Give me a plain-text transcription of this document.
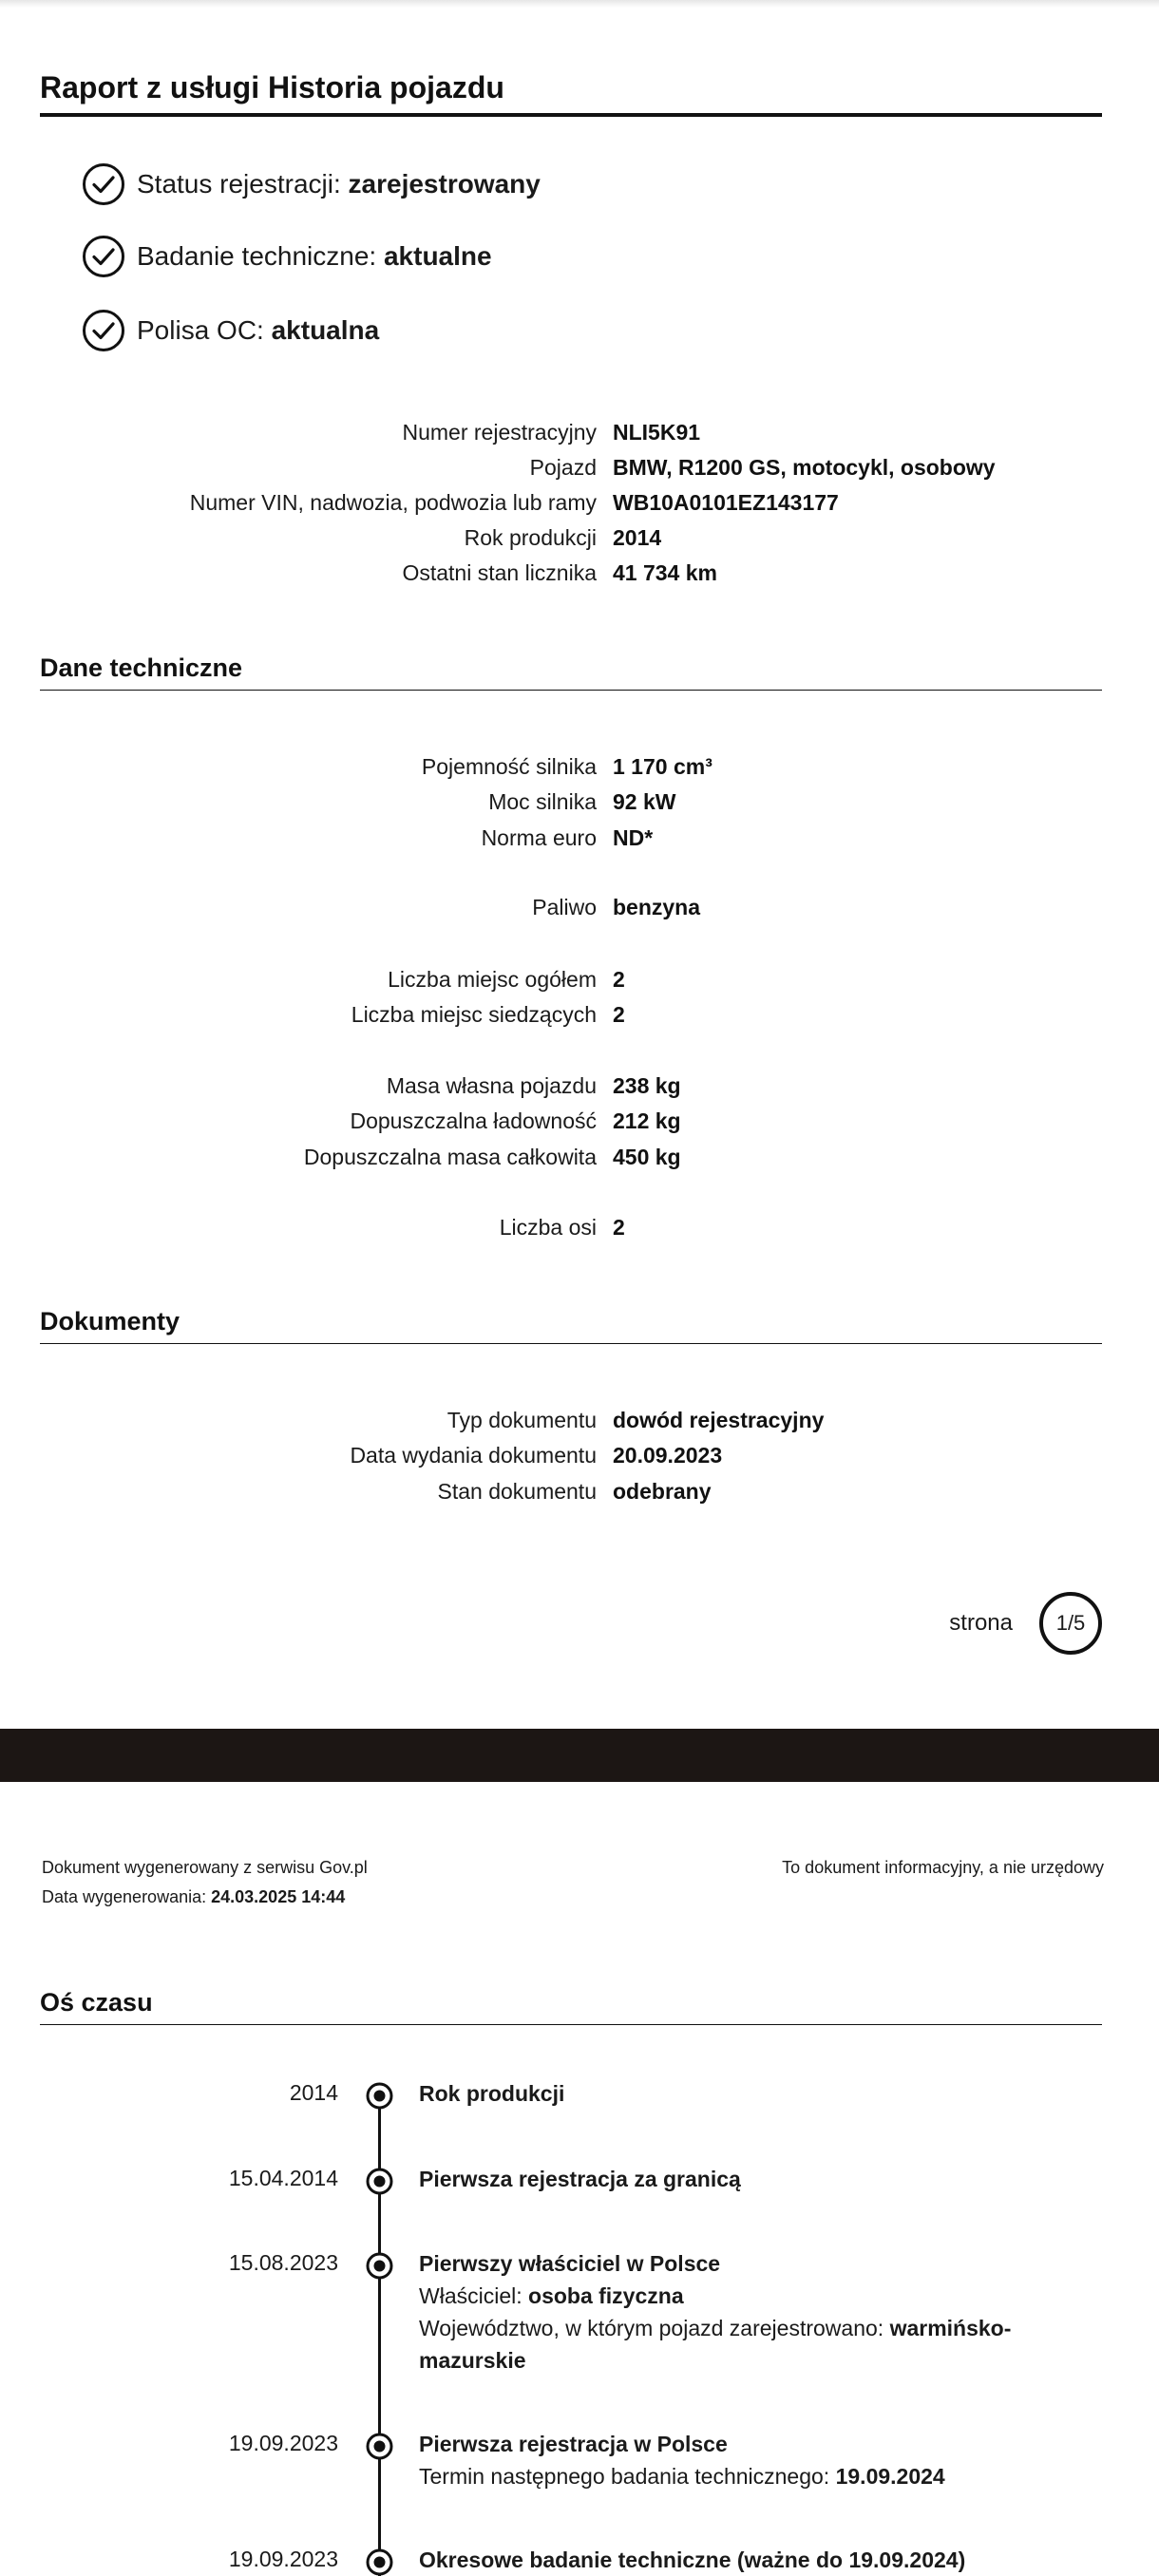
Raport z usługi Historia pojazdu
Status rejestracji:
zarejestrowany
Badanie techniczne:
aktualne
Polisa OC:
aktualna
Numer rejestracyjny NLI5K91
Pojazd BMW, R1200 GS, motocykl, osobowy
Numer VIN, nadwozia, podwozia lub ramy WB10A0101EZ143177
Rok produkcji 2014
Ostatni stan licznika 41 734 km
Dane techniczne
Pojemność silnika 1 170 cm³
Moc silnika 92 kW
Norma euro ND*
Paliwo benzyna
Liczba miejsc ogółem 2
Liczba miejsc siedzących 2
Masa własna pojazdu 238 kg
Dopuszczalna ładowność 212 kg
Dopuszczalna masa całkowita 450 kg
Liczba osi 2
Dokumenty
Typ dokumentu dowód rejestracyjny
Data wydania dokumentu 20.09.2023
Stan dokumentu odebrany
strona	1/5
Dokument wygenerowany z serwisu Gov.pl
Data wygenerowania: 24.03.2025 14:44
To dokument informacyjny, a nie urzędowy
Oś czasu
2014	Rok produkcji
15.04.2014	Pierwsza rejestracja za granicą
15.08.2023	Pierwszy właściciel w Polsce
Właściciel: osoba fizyczna
Województwo, w którym pojazd zarejestrowano: warmińsko-mazurskie
19.09.2023	Pierwsza rejestracja w Polsce
Termin następnego badania technicznego: 19.09.2024
19.09.2023	Okresowe badanie techniczne (ważne do 19.09.2024)
